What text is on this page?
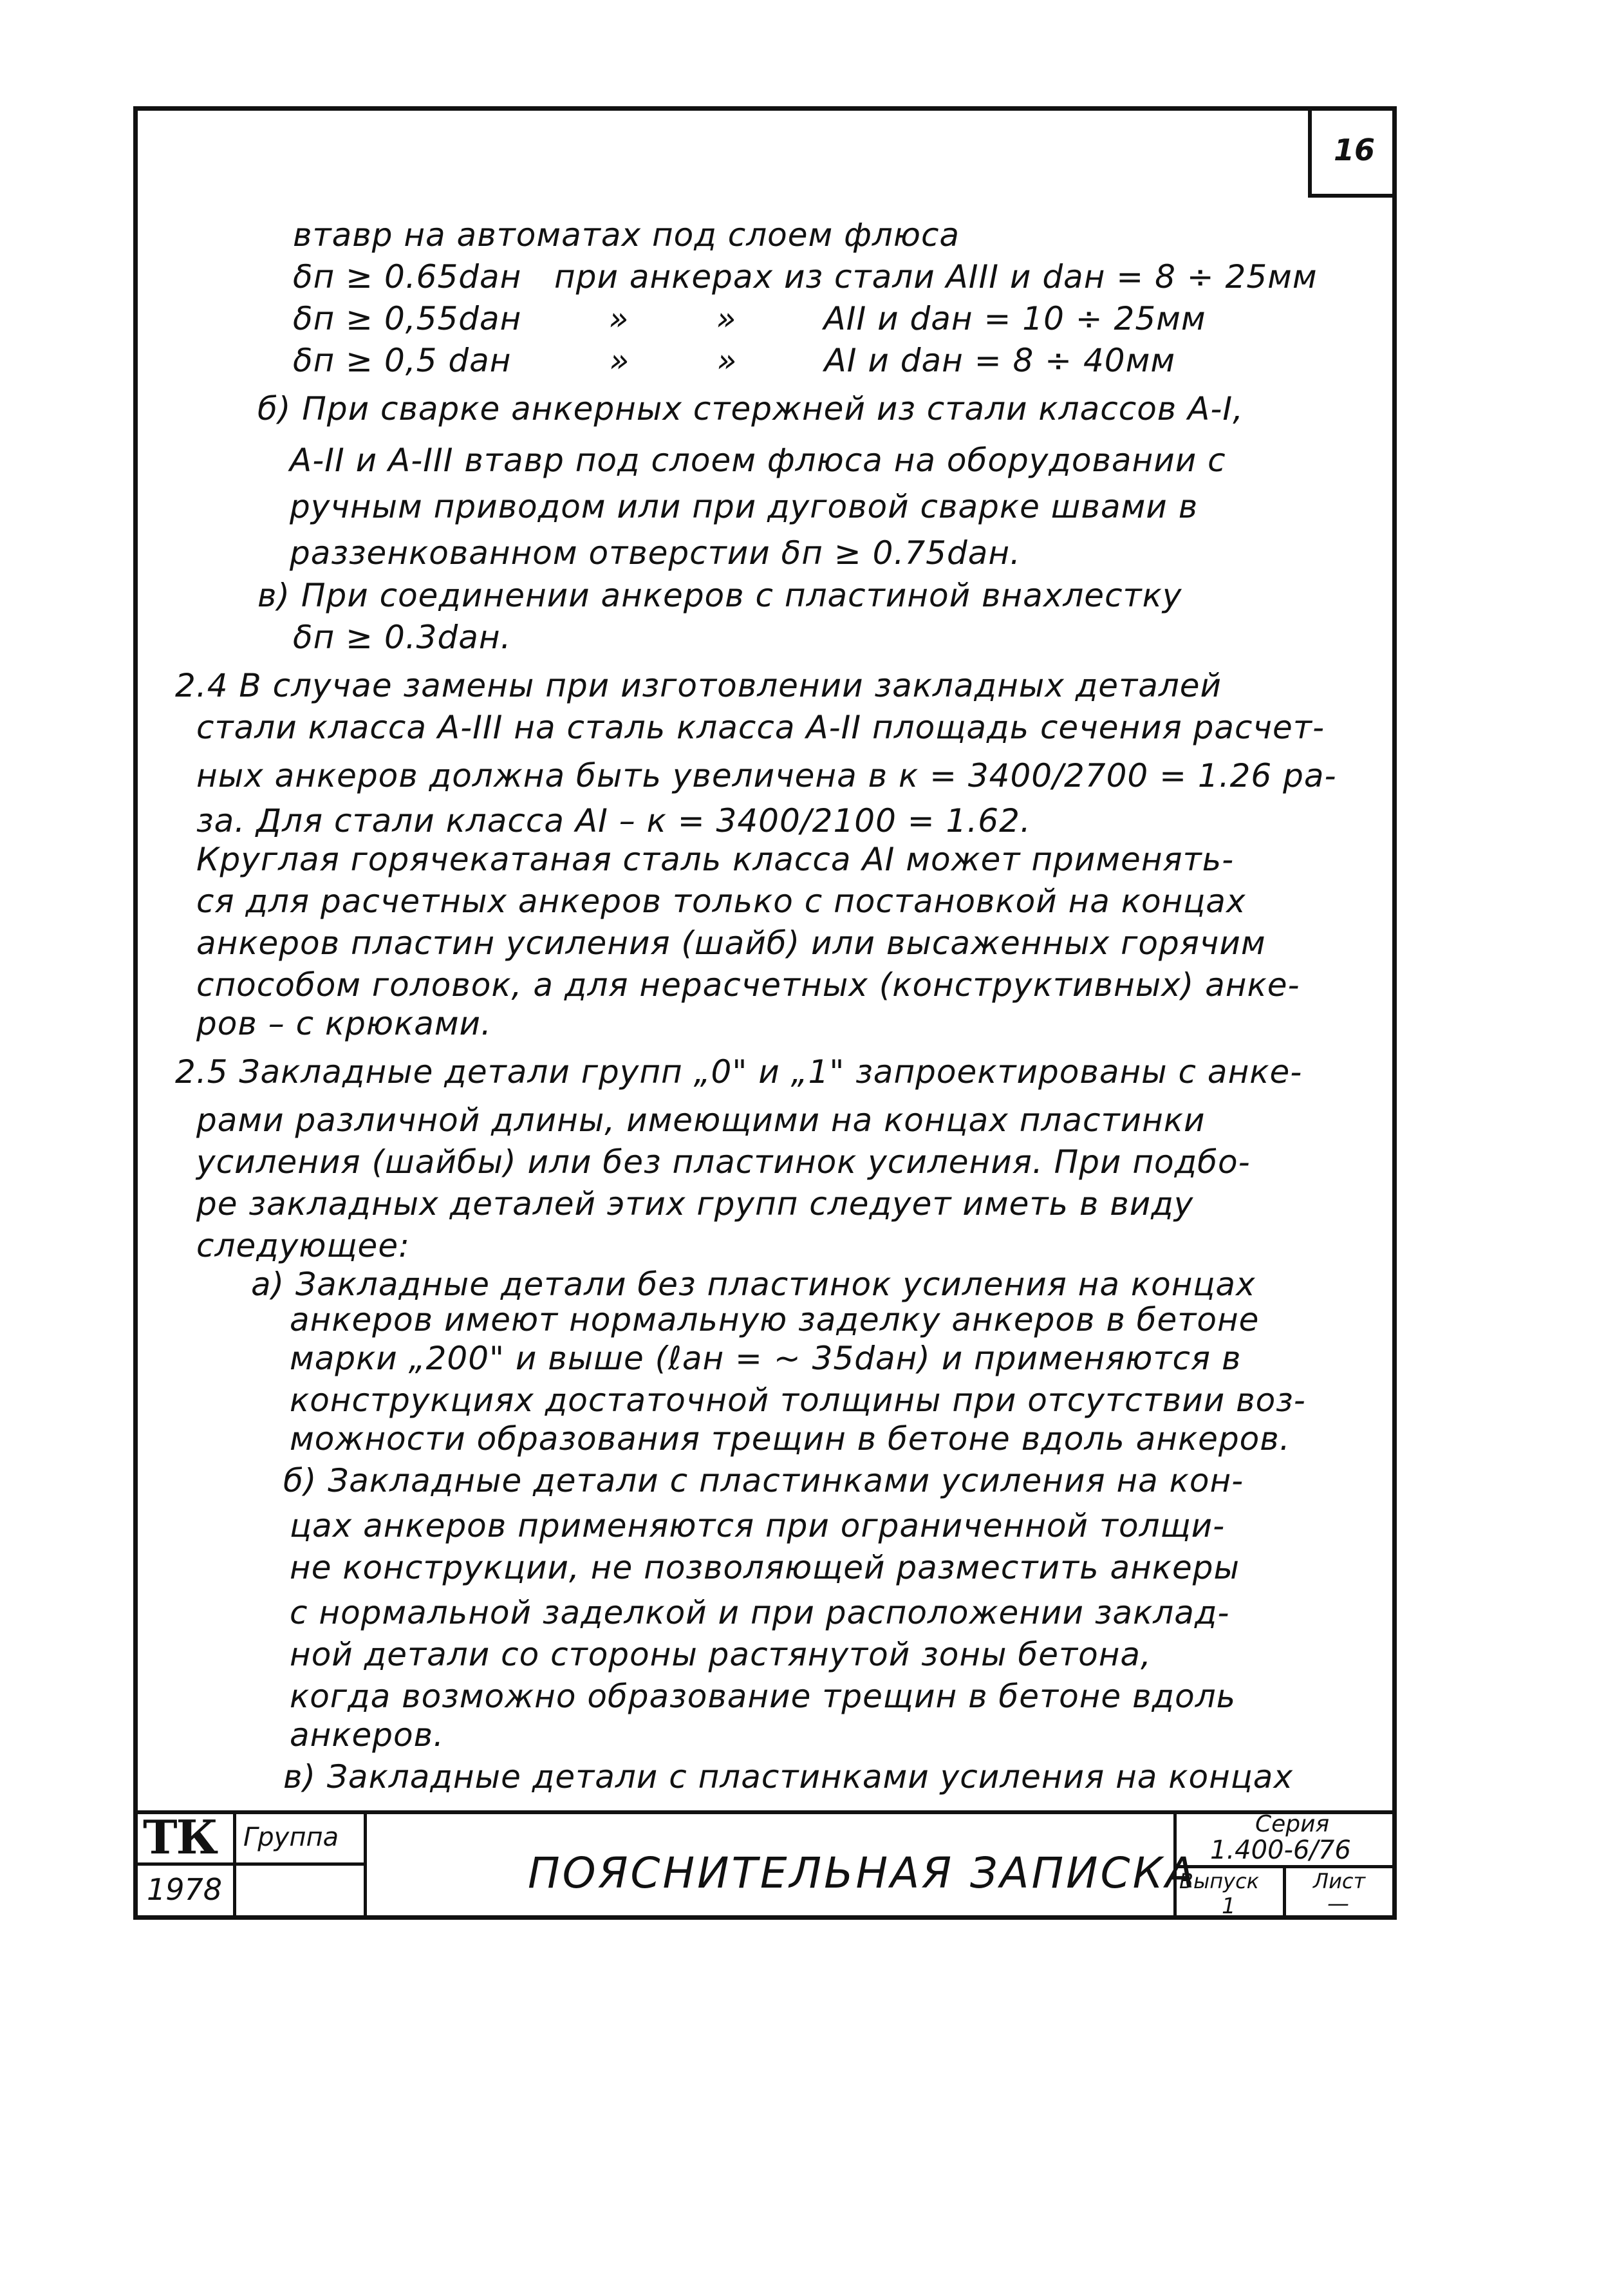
16
втавр на автоматах под слоем флюса
δп ≥ 0.65dан   при анкерах из стали AIII и dан = 8 ÷ 25мм
δп ≥ 0,55dан        »        »        AII и dан = 10 ÷ 25мм
δп ≥ 0,5 dан         »        »        AI и dан = 8 ÷ 40мм
б) При сварке анкерных стержней из стали классов A-I,
A-II и A-III втавр под слоем флюса на оборудовании с
ручным приводом или при дуговой сварке швами в
раззенкованном отверстии δп ≥ 0.75dан.
в) При соединении анкеров с пластиной внахлестку
δп ≥ 0.3dан.
2.4 В случае замены при изготовлении закладных деталей
стали класса A-III на сталь класса A-II площадь сечения расчет-
ных анкеров должна быть увеличена в к = 3400/2700 = 1.26 ра-
за. Для стали класса AI – к = 3400/2100 = 1.62.
Круглая горячекатаная сталь класса AI может применять-
ся для расчетных анкеров только с постановкой на концах
анкеров пластин усиления (шайб) или высаженных горячим
способом головок, а для нерасчетных (конструктивных) анке-
ров – с крюками.
2.5 Закладные детали групп „0" и „1" запроектированы с анке-
рами различной длины, имеющими на концах пластинки
усиления (шайбы) или без пластинок усиления. При подбо-
ре закладных деталей этих групп следует иметь в виду
следующее:
а) Закладные детали без пластинок усиления на концах
анкеров имеют нормальную заделку анкеров в бетоне
марки „200" и выше (ℓан = ~ 35dан) и применяются в
конструкциях достаточной толщины при отсутствии воз-
можности образования трещин в бетоне вдоль анкеров.
б) Закладные детали с пластинками усиления на кон-
цах анкеров применяются при ограниченной толщи-
не конструкции, не позволяющей разместить анкеры
с нормальной заделкой и при расположении заклад-
ной детали со стороны растянутой зоны бетона,
когда возможно образование трещин в бетоне вдоль
анкеров.
в) Закладные детали с пластинками усиления на концах
ТК
1978
Группа
ПОЯСНИТЕЛЬНАЯ ЗАПИСКА
Серия
1.400-6/76
Выпуск
1
Лист
—
